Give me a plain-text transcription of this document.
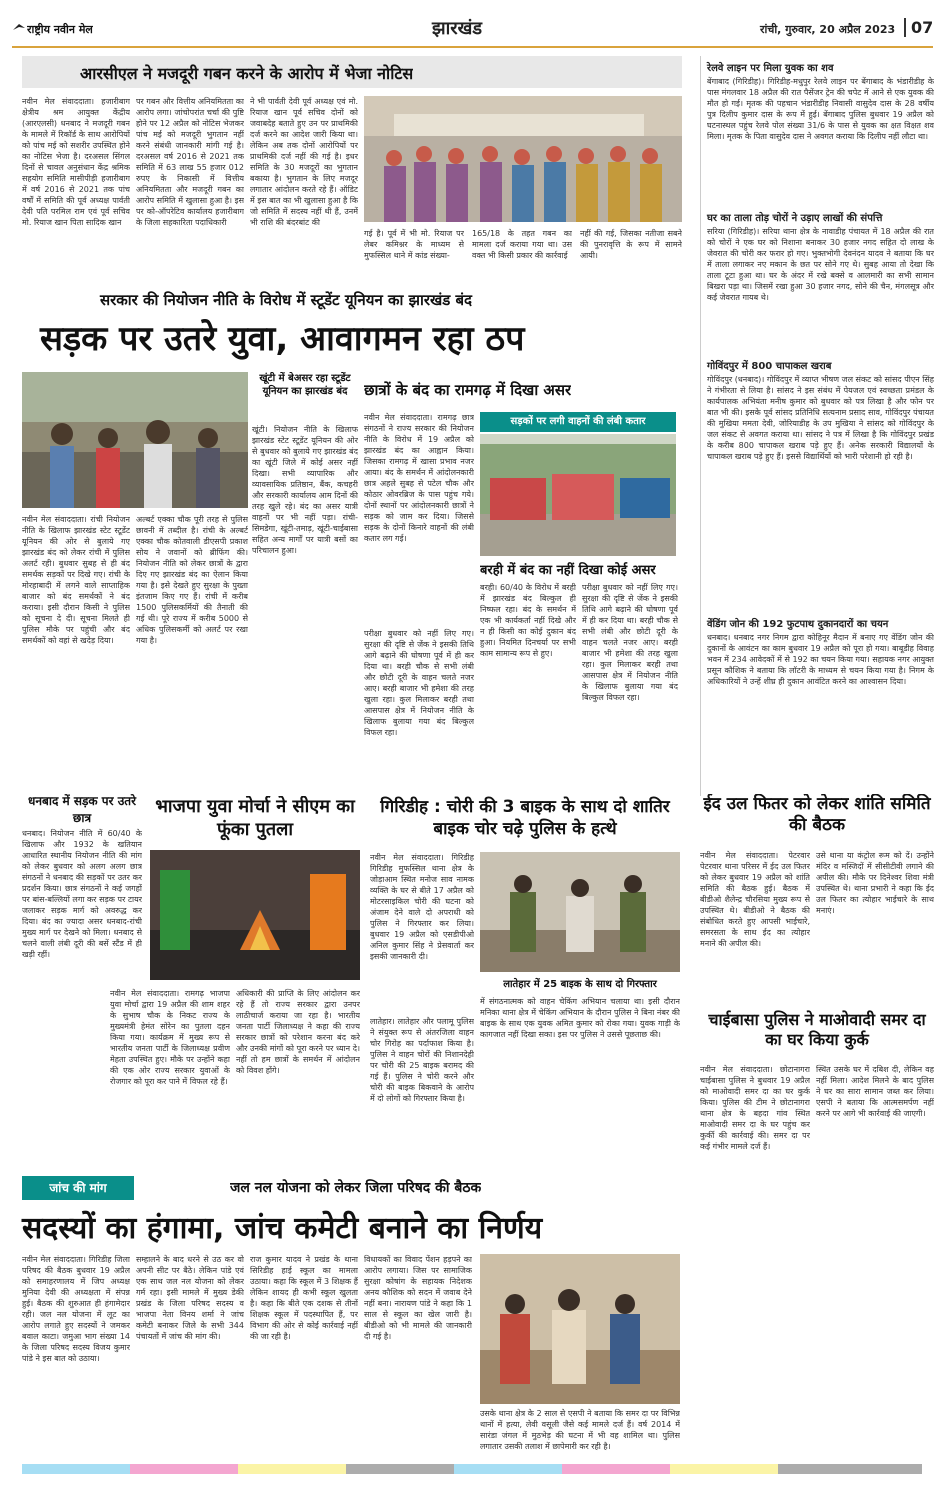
राष्ट्रीय नवीन मेल	झारखंड	रांची, गुरुवार, 20 अप्रैल 2023 07
आरसीएल ने मजदूरी गबन करने के आरोप में भेजा नोटिस
नवीन मेल संवाददाता। हजारीबाग क्षेत्रीय श्रम आयुक्त केंद्रीय (आरएलसी) धनबाद ने मजदूरी गबन के मामले में रिकॉर्ड के साथ आरोपियों को पांच मई को सशरीर उपस्थित होने का नोटिस भेजा है। दरअसल सिंगल दिनों से चावल अनुसंधान केंद्र श्रमिक सहयोग समिति मासीपीड़ी हजारीबाग में वर्ष 2016 से 2021 तक पांच वर्षों में समिति की पूर्व अध्यक्ष पार्वती देवी पति परमिल राम एवं पूर्व सचिव मो. रियाज खान पिता सादिक खान
पर गबन और वित्तीय अनियमितता का आरोप लगा। जांचोपरांत चर्चा की पुष्टि होने पर 12 अप्रैल को नोटिस भेजकर पांच मई को मजदूरी भुगतान नहीं करने संबंधी जानकारी मांगी गई है। दरअसल वर्ष 2016 से 2021 तक समिति में 63 लाख 55 हजार 012 रुपए के निकासी में वित्तीय अनियमितता और मजदूरी गबन का आरोप समिति में खुलासा हुआ है। इस पर को-ऑपरेटिव कार्यालय हजारीबाग के जिला सहकारिता पदाधिकारी
ने भी पार्वती देवी पूर्व अध्यक्ष एवं मो. रियाज खान पूर्व सचिव दोनों को जवाबदेह बताते हुए उन पर प्राथमिकी दर्ज करने का आदेश जारी किया था। लेकिन अब तक दोनों आरोपियों पर प्राथमिकी दर्ज नहीं की गई है। इधर समिति के 30 मजदूरों का भुगतान बकाया है। भुगतान के लिए मजदूर लगातार आंदोलन करते रहे हैं। ऑडिट में इस बात का भी खुलासा हुआ है कि जो समिति में सदस्य नहीं थी हैं, उनमें भी राशि की बंदरबांट की
गई है। पूर्व में भी मो. रियाज पर लेबर कमिश्नर के माध्यम से मुफस्सिल थाने में कांड संख्या-
165/18 के तहत गबन का मामला दर्ज कराया गया था। उस वक्त भी किसी प्रकार की कार्रवाई
नहीं की गई, जिसका नतीजा सबने की पुनरावृत्ति के रूप में सामने आयी।
सरकार की नियोजन नीति के विरोध में स्टूडेंट यूनियन का झारखंड बंद
सड़क पर उतरे युवा, आवागमन रहा ठप
खूंटी में बेअसर रहा स्टूडेंट यूनियन का झारखंड बंद
नवीन मेल संवाददाता। रांची नियोजन नीति के खिलाफ झारखंड स्टेट स्टूडेंट यूनियन की ओर से बुलाये गए झारखंड बंद को लेकर रांची में पुलिस अलर्ट रही। बुधवार सुबह से ही बंद समर्थक सड़कों पर दिखे गए। रांची के मोरहाबादी में लगने वाले साप्ताहिक बाजार को बंद समर्थकों ने बंद कराया। इसी दौरान किसी ने पुलिस को सूचना दे दी। सूचना मिलते ही पुलिस मौके पर पहुंची और बंद समर्थकों को वहां से खदेड़ दिया।
अल्बर्ट एक्का चौक पूरी तरह से पुलिस छावनी में तब्दील है। रांची के अल्बर्ट एक्का चौक कोतवाली डीएसपी प्रकाश सोय ने जवानों को ब्रीफिंग की। नियोजन नीति को लेकर छात्रों के द्वारा दिए गए झारखंड बंद का ऐलान किया गया है। इसे देखते हुए सुरक्षा के पुख्ता इंतजाम किए गए हैं। रांची में करीब 1500 पुलिसकर्मियों की तैनाती की गई थी। पूरे राज्य में करीब 5000 से अधिक पुलिसकर्मी को अलर्ट पर रखा गया है।
खूंटी। नियोजन नीति के खिलाफ झारखंड स्टेट स्टूडेंट यूनियन की ओर से बुधवार को बुलाये गए झारखंड बंद का खूंटी जिले में कोई असर नहीं दिखा। सभी व्यापारिक और व्यावसायिक प्रतिष्ठान, बैंक, कचहरी और सरकारी कार्यालय आम दिनों की तरह खुले रहे। बंद का असर यात्री वाहनों पर भी नहीं पड़ा। रांची-सिमडेगा, खूंटी-तमाड़, खूंटी-चाईबासा सहित अन्य मार्गों पर यात्री बसों का परिचालन हुआ।
छात्रों के बंद का रामगढ़ में दिखा असर
नवीन मेल संवाददाता। रामगढ़ छात्र संगठनों ने राज्य सरकार की नियोजन नीति के विरोध में 19 अप्रैल को झारखंड बंद का आह्वान किया। जिसका रामगढ़ में खासा प्रभाव नजर आया। बंद के समर्थन में आंदोलनकारी छात्र अहले सुबह से पटेल चौक और कोठार ओवरब्रिज के पास पहुंच गये। दोनों स्थानों पर आंदोलनकारी छात्रों ने सड़क को जाम कर दिया। जिससे सड़क के दोनों किनारे वाहनों की लंबी कतार लग गई।
सड़कों पर लगी वाहनों की लंबी कतार
बरही में बंद का नहीं दिखा कोई असर
बरही। 60/40 के विरोध में बरही में झारखंड बंद बिल्कुल ही निष्फल रहा। बंद के समर्थन में एक भी कार्यकर्ता नहीं दिखे और न ही किसी का कोई दुकान बंद हुआ। नियमित दिनचर्या पर सभी काम सामान्य रूप से हुए।
परीक्षा बुधवार को नहीं लिए गए। सुरक्षा की दृष्टि से जेंक ने इसकी तिथि आगे बढ़ाने की घोषणा पूर्व में ही कर दिया था। बरही चौक से सभी लंबी और छोटी दूरी के वाहन चलते नजर आए। बरही बाजार भी हमेशा की तरह खुला रहा। कुल मिलाकर बरही तथा आसपास क्षेत्र में नियोजन नीति के खिलाफ बुलाया गया बंद बिल्कुल विफल रहा।
परीक्षा बुधवार को नहीं लिए गए। सुरक्षा की दृष्टि से जेंक ने इसकी तिथि आगे बढ़ाने की घोषणा पूर्व में ही कर दिया था। बरही चौक से सभी लंबी और छोटी दूरी के वाहन चलते नजर आए। बरही बाजार भी हमेशा की तरह खुला रहा। कुल मिलाकर बरही तथा आसपास क्षेत्र में नियोजन नीति के खिलाफ बुलाया गया बंद बिल्कुल विफल रहा।
धनबाद में सड़क पर उतरे छात्र
धनबाद। नियोजन नीति में 60/40 के खिलाफ और 1932 के खतियान आधारित स्थानीय नियोजन नीति की मांग को लेकर बुधवार को अलग अलग छात्र संगठनों ने धनबाद की सड़कों पर उतर कर प्रदर्शन किया। छात्र संगठनों ने कई जगहों पर बांस-बल्लियों लगा कर सड़क पर टायर जलाकर सड़क मार्ग को अवरुद्ध कर दिया। बंद का ज्यादा असर धनबाद-रांची मुख्य मार्ग पर देखने को मिला। धनबाद से चलने वाली लंबी दूरी की बसें स्टैंड में ही खड़ी रहीं।
भाजपा युवा मोर्चा ने सीएम का फूंका पुतला
नवीन मेल संवाददाता। रामगढ़ भाजपा युवा मोर्चा द्वारा 19 अप्रैल की शाम शहर के सुभाष चौक के निकट राज्य के मुख्यमंत्री हेमंत सोरेन का पुतला दहन किया गया। कार्यक्रम में मुख्य रूप से भारतीय जनता पार्टी के जिलाध्यक्ष प्रवीण मेहता उपस्थित हुए। मौके पर उन्होंने कहा की एक ओर राज्य सरकार युवाओं के रोजगार को पूरा कर पाने में विफल रहे हैं।
अधिकारी की प्राप्ति के लिए आंदोलन कर रहे हैं तो राज्य सरकार द्वारा उनपर लाठीचार्ज कराया जा रहा है। भारतीय जनता पार्टी जिलाध्यक्ष ने कहा की राज्य सरकार छात्रों को परेशान करना बंद करे और उनकी मांगों को पूरा करने पर ध्यान दे। नहीं तो हम छात्रों के समर्थन में आंदोलन को विवश होंगे।
गिरिडीह : चोरी की 3 बाइक के साथ दो शातिर बाइक चोर चढ़े पुलिस के हत्थे
नवीन मेल संवाददाता। गिरिडीह गिरिडीह मुफस्सिल थाना क्षेत्र के जोड़ाआम स्थित मनोज साव नामक व्यक्ति के घर से बीते 17 अप्रैल को मोटरसाइकिल चोरी की घटना को अंजाम देने वाले दो अपराधी को पुलिस ने गिरफ्तार कर लिया। बुधवार 19 अप्रैल को एसडीपीओ अनिल कुमार सिंह ने प्रेसवार्ता कर इसकी जानकारी दी।
लातेहार में 25 बाइक के साथ दो गिरफ्तार
लातेहार। लातेहार और पलामू पुलिस ने संयुक्त रूप से अंतरजिला वाहन चोर गिरोह का पर्दाफाश किया है। पुलिस ने वाहन चोरों की निशानदेही पर चोरी की 25 बाइक बरामद की गई हैं। पुलिस ने चोरी करने और चोरी की बाइक बिकवाने के आरोप में दो लोगों को गिरफ्तार किया है।
में संगठनात्मक को वाहन चेकिंग अभियान चलाया था। इसी दौरान मनिका थाना क्षेत्र में चेकिंग अभियान के दौरान पुलिस ने बिना नंबर की बाइक के साथ एक युवक अमित कुमार को रोका गया। युवक गाड़ी के कागजात नहीं दिखा सका। इस पर पुलिस ने उससे पूछताछ की।
रेलवे लाइन पर मिला युवक का शव
बेंगाबाद (गिरिडीह)। गिरिडीह-मधुपुर रेलवे लाइन पर बेंगाबाद के भंडारीडीह के पास मंगलवार 18 अप्रैल की रात पैसेंजर ट्रेन की चपेट में आने से एक युवक की मौत हो गई। मृतक की पहचान भंडारीडीह निवासी वासुदेव दास के 28 वर्षीय पुत्र दिलीप कुमार दास के रूप में हुई। बेंगाबाद पुलिस बुधवार 19 अप्रैल को घटनास्थल पहुंच रेलवे पोल संख्या 31/6 के पास से युवक का क्षत विक्षत शव मिला। मृतक के पिता वासुदेव दास ने अवगत कराया कि दिलीप नहीं लौटा था।
घर का ताला तोड़ चोरों ने उड़ाए लाखों की संपत्ति
सरिया (गिरिडीह)। सरिया थाना क्षेत्र के नावाडीह पंचायत में 18 अप्रैल की रात को चोरों ने एक घर को निशाना बनाकर 30 हजार नगद सहित दो लाख के जेवरात की चोरी कर फरार हो गए। भुक्तभोगी देवनंदन यादव ने बताया कि घर में ताला लगाकर नए मकान के छत पर सोने गए थे। सुबह आया तो देखा कि ताला टूटा हुआ था। घर के अंदर में रखे बक्से व आलमारी का सभी सामान बिखरा पड़ा था। जिसमें रखा हुआ 30 हजार नगद, सोने की चैन, मंगलसूत्र और कई जेवरात गायब थे।
गोविंदपुर में 800 चापाकल खराब
गोविंदपुर (धनबाद)। गोविंदपुर में व्याप्त भीषण जल संकट को सांसद पीएन सिंह ने गंभीरता से लिया है। सांसद ने इस संबंध में पेयजल एवं स्वच्छता प्रमंडल के कार्यपालक अभियंता मनीष कुमार को बुधवार को पत्र लिखा है और फोन पर बात भी की। इसके पूर्व सांसद प्रतिनिधि सत्यनाम प्रसाद साव, गोविंदपुर पंचायत की मुखिया ममता देवी, जोरियाडीह के उप मुखिया ने सांसद को गोविंदपुर के जल संकट से अवगत कराया था। सांसद ने पत्र में लिखा है कि गोविंदपुर प्रखंड के करीब 800 चापाकल खराब पड़े हुए हैं। अनेक सरकारी विद्यालयों के चापाकल खराब पड़े हुए हैं। इससे विद्यार्थियों को भारी परेशानी हो रही है।
वेंडिंग जोन की 192 फुटपाथ दुकानदारों का चयन
धनबाद। धनबाद नगर निगम द्वारा कोहिनूर मैदान में बनाए गए वेंडिंग जोन की दुकानों के आवंटन का काम बुधवार 19 अप्रैल को पूरा हो गया। बाबूडीह विवाह भवन में 234 आवेदकों में से 192 का चयन किया गया। सहायक नगर आयुक्त प्रसून कौशिक ने बताया कि लॉटरी के माध्यम से चयन किया गया है। निगम के अधिकारियों ने उन्हें शीघ्र ही दुकान आवंटित करने का आश्वासन दिया।
ईद उल फितर को लेकर शांति समिति की बैठक
नवीन मेल संवाददाता। पेटरवार पेटरवार थाना परिसर में ईद उल फितर को लेकर बुधवार 19 अप्रैल को शांति समिति की बैठक हुई। बैठक में बीडीओ शैलेन्द्र चौरसिया मुख्य रूप से उपस्थित थे। बीडीओ ने बैठक की संबोधित करते हुए आपसी भाईचारे, समरसता के साथ ईद का त्योहार मनाने की अपील की।
उसे थाना या कंट्रोल रूम को दें। उन्होंने मंदिर व मस्जिदों में सीसीटीवी लगाने की अपील की। मौके पर दिनेश्वर शिवा मंत्री उपस्थित थे। थाना प्रभारी ने कहा कि ईद उल फितर का त्योहार भाईचारे के साथ मनाएं।
चाईबासा पुलिस ने माओवादी समर दा का घर किया कुर्क
नवीन मेल संवाददाता। छोटानागरा चाईबासा पुलिस ने बुधवार 19 अप्रैल को माओवादी समर दा का घर कुर्क किया। पुलिस की टीम ने छोटानागरा थाना क्षेत्र के बहदा गांव स्थित माओवादी समर दा के घर पहुंच कर कुर्की की कार्रवाई की। समर दा पर कई गंभीर मामले दर्ज हैं।
स्थित उसके घर में दबिश दी, लेकिन वह नहीं मिला। आदेश मिलने के बाद पुलिस ने घर का सारा सामान जब्त कर लिया। एसपी ने बताया कि आत्मसमर्पण नहीं करने पर आगे भी कार्रवाई की जाएगी।
जांच की मांग	जल नल योजना को लेकर जिला परिषद की बैठक
सदस्यों का हंगामा, जांच कमेटी बनाने का निर्णय
नवीन मेल संवाददाता। गिरिडीह जिला परिषद की बैठक बुधवार 19 अप्रैल को समाहरणालय में जिप अध्यक्ष मुनिया देवी की अध्यक्षता में संपन्न हुई। बैठक की शुरुआत ही हंगामेदार रही। जल नल योजना में लूट का आरोप लगाते हुए सदस्यों ने जमकर बवाल काटा। जमुआ भाग संख्या 14 के जिला परिषद सदस्य विजय कुमार पांडे ने इस बात को उठाया।
सम्हालने के बाद धरने से उठ कर वो अपनी सीट पर बैठे। लेकिन पांडे एवं एक साथ जल नल योजना को लेकर गर्म रहा। इसी मामले में मुख्य डेकी प्रखंड के जिला परिषद सदस्य व भाजपा नेता विनय शर्मा ने जांच कमेटी बनाकर जिले के सभी 344 पंचायतों में जांच की मांग की।
राज कुमार यादव ने प्रखंड के थाना सिरिडीह हाई स्कूल का मामला उठाया। कहा कि स्कूल में 3 शिक्षक हैं लेकिन शायद ही कभी स्कूल खुलता है। कहा कि बीते एक दशक से तीनों शिक्षक स्कूल में पदस्थापित हैं, पर विभाग की ओर से कोई कार्रवाई नहीं की जा रही है।
विधायकों का विवाद पेंशन हड़पने का आरोप लगाया। जिस पर सामाजिक सुरक्षा कोषांग के सहायक निदेशक अनय कौशिक को सदन में जवाब देने नहीं बना। नारायण पांडे ने कहा कि 1 साल से स्कूल का खेल जारी है। बीडीओ को भी मामले की जानकारी दी गई है।
उसके थाना क्षेत्र के 2 साल से एसपी ने बताया कि समर दा पर विभिन्न थानों में हत्या, लेवी वसूली जैसे कई मामले दर्ज हैं। वर्ष 2014 में सारंडा जंगल में मुठभेड़ की घटना में भी वह शामिल था। पुलिस लगातार उसकी तलाश में छापेमारी कर रही है।
